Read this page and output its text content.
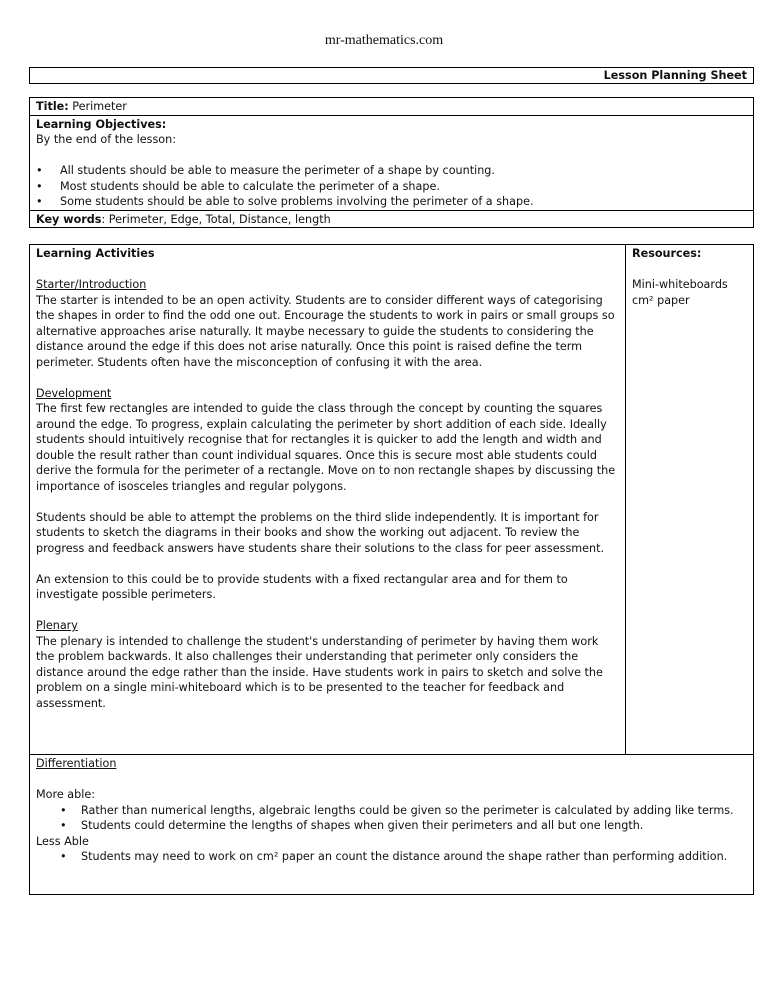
mr-mathematics.com
Lesson Planning Sheet
Title: Perimeter
Learning Objectives:
By the end of the lesson:
• All students should be able to measure the perimeter of a shape by counting.
• Most students should be able to calculate the perimeter of a shape.
• Some students should be able to solve problems involving the perimeter of a shape.
Key words: Perimeter, Edge, Total, Distance, length
Learning Activities
Starter/Introduction
The starter is intended to be an open activity. Students are to consider different ways of categorising the shapes in order to find the odd one out. Encourage the students to work in pairs or small groups so alternative approaches arise naturally. It maybe necessary to guide the students to considering the distance around the edge if this does not arise naturally. Once this point is raised define the term perimeter. Students often have the misconception of confusing it with the area.
Development
The first few rectangles are intended to guide the class through the concept by counting the squares around the edge. To progress, explain calculating the perimeter by short addition of each side. Ideally students should intuitively recognise that for rectangles it is quicker to add the length and width and double the result rather than count individual squares. Once this is secure most able students could derive the formula for the perimeter of a rectangle. Move on to non rectangle shapes by discussing the importance of isosceles triangles and regular polygons.
Students should be able to attempt the problems on the third slide independently. It is important for students to sketch the diagrams in their books and show the working out adjacent. To review the progress and feedback answers have students share their solutions to the class for peer assessment.
An extension to this could be to provide students with a fixed rectangular area and for them to investigate possible perimeters.
Plenary
The plenary is intended to challenge the student's understanding of perimeter by having them work the problem backwards. It also challenges their understanding that perimeter only considers the distance around the edge rather than the inside. Have students work in pairs to sketch and solve the problem on a single mini-whiteboard which is to be presented to the teacher for feedback and assessment.
Resources:
Mini-whiteboards
cm² paper
Differentiation
More able:
• Rather than numerical lengths, algebraic lengths could be given so the perimeter is calculated by adding like terms.
• Students could determine the lengths of shapes when given their perimeters and all but one length.
Less Able
• Students may need to work on cm² paper an count the distance around the shape rather than performing addition.
